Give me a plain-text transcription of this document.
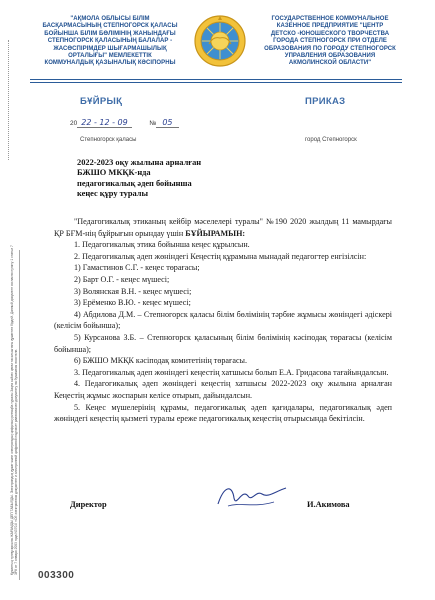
"АҚМОЛА ОБЛЫСЫ БІЛІМ
БАСҚАРМАСЫНЫҢ СТЕПНОГОРСК ҚАЛАСЫ
БОЙЫНША БІЛІМ БӨЛІМІНІҢ ЖАНЫНДАҒЫ
СТЕПНОГОРСК ҚАЛАСЫНЫҢ БАЛАЛАР -
ЖАСӨСПІРІМДЕР ШЫҒАРМАШЫЛЫҚ
ОРТАЛЫҒЫ" МЕМЛЕКЕТТІК
КОММУНАЛДЫҚ ҚАЗЫНАЛЫҚ КӘСІПОРНЫ
ГОСУДАРСТВЕННОЕ КОММУНАЛЬНОЕ
КАЗЕННОЕ ПРЕДПРИЯТИЕ "ЦЕНТР
ДЕТСКО -ЮНОШЕСКОГО ТВОРЧЕСТВА
ГОРОДА СТЕПНОГОРСК ПРИ ОТДЕЛЕ
ОБРАЗОВАНИЯ ПО ГОРОДУ СТЕПНОГОРСК
УПРАВЛЕНИЯ ОБРАЗОВАНИЯ
АКМОЛИНСКОЙ ОБЛАСТИ"
БҰЙРЫҚ	ПРИКАЗ
20 22 - 12 - 09	№ 05
Степногорск қаласы	город Степногорск
2022-2023 оқу жылына арналған
БЖШО МКҚК-нда
педагогикалық әдеп бойынша
кеңес құру туралы

"Педагогикалық этиканың кейбір мәселелері туралы" №190 2020 жылдың 11 мамырдағы ҚР БҒМ-нің бұйрығын орындау үшін БҰЙЫРАМЫН:

1. Педагогикалық этика бойынша кеңес құрылсын.

2. Педагогикалық әдеп жөніндегі Кеңестің құрамына мынадай педагогтер енгізілсін:

1) Гамастинов С.Г. - кеңес төрағасы;

2) Барт О.Г. - кеңес мүшесі;

3) Волянская В.Н. - кеңес мүшесі;

3) Ерёменко В.Ю. - кеңес мүшесі;

4) Абдилова Д.М. – Степногорск қаласы білім бөлімінің тәрбие жұмысы жөніндегі әдіскері (келісім бойынша);

5) Курсанова З.Б. – Степногорск қаласының білім бөлімінің кәсіподақ төрағасы (келісім бойынша);

6) БЖШО МКҚК кәсіподақ комитетінің төрағасы.

3. Педагогикалық әдеп жөніндегі кеңестің хатшысы болып Е.А. Гридасова тағайындалсын.

4. Педагогикалық әдеп жөніндегі кеңестің хатшысы 2022-2023 оқу жылына арналған Кеңестің жұмыс жоспарын келісе отырып, дайындалсын.

5. Кеңес мүшелерінің құрамы, педагогикалық әдеп қағидалары, педагогикалық әдеп жөніндегі кеңестің қызметі туралы ереже педагогикалық кеңестің отырысында бекітілсін.

Директор	И.Акимова
Құжаттың түпнұсқасына ЖАРАМДЫ ДЕП ТАБЫЛДЫ. Электрондық құжат және электрондық цифрлық қолтаңба туралы Заңға сәйкес қағаз тасығыштағы құжатпен бірдей. Данный документ согласно пункту 1 статьи 7 ЗРК от 7 января 2003 года N370-II «Об электронном документе и электронной цифровой подписи» равнозначен документу на бумажном носителе.
003300
